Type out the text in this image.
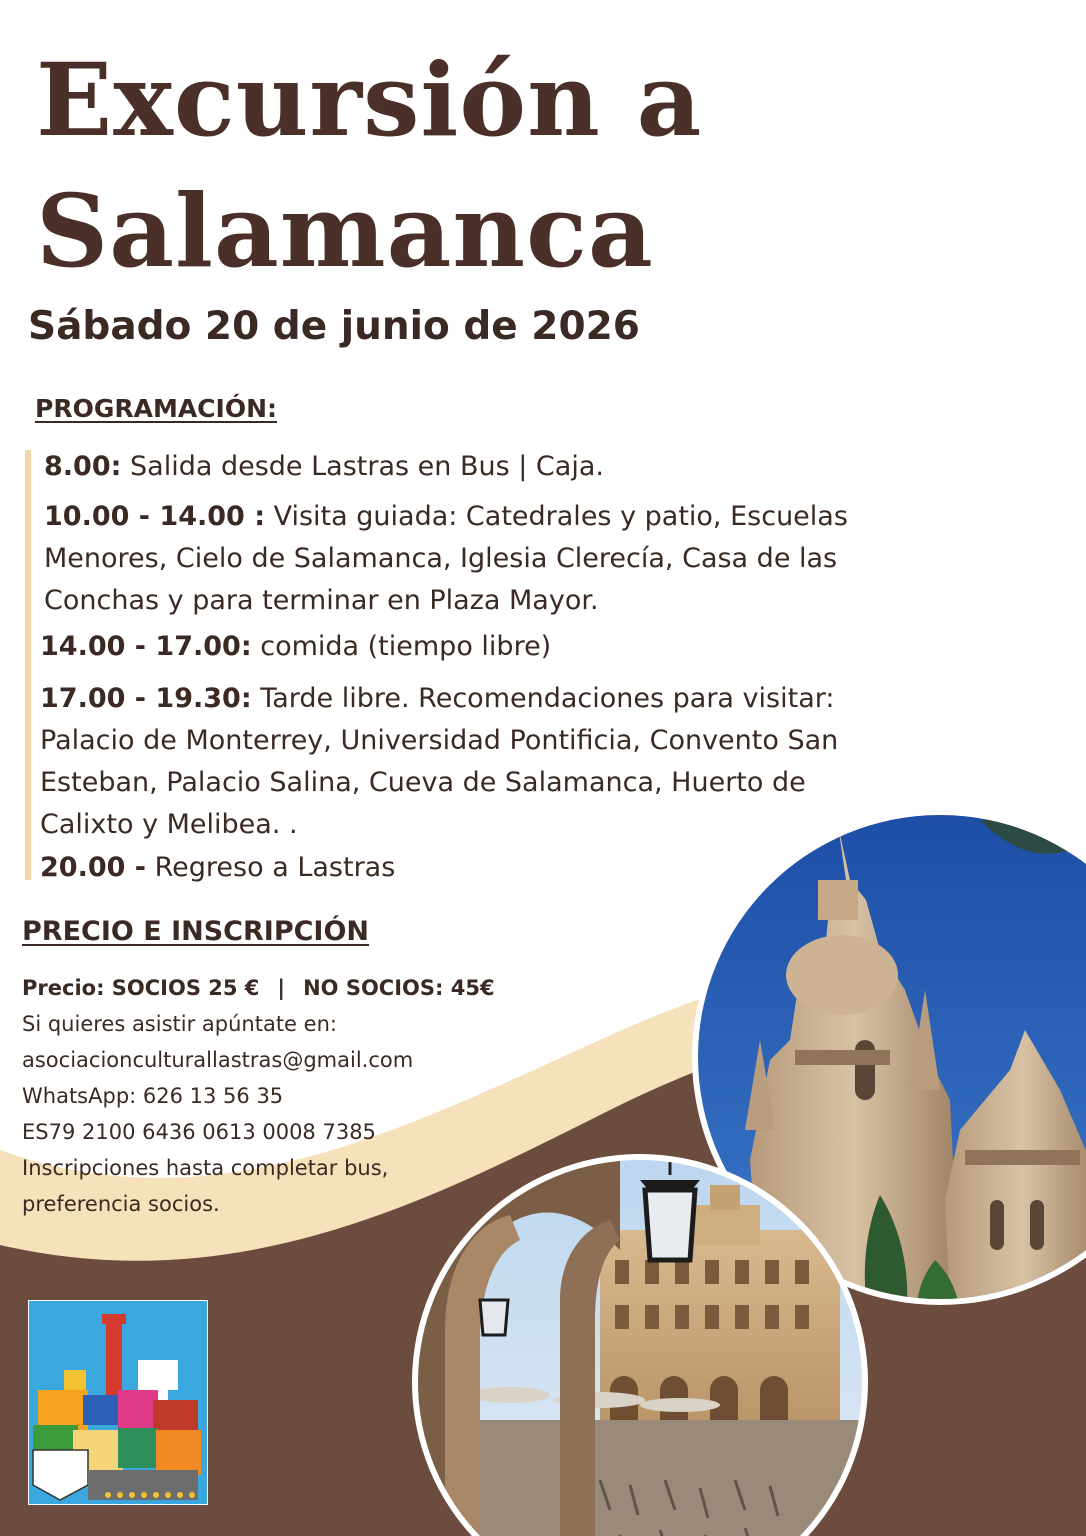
Excursión a
Salamanca
Sábado 20 de junio de 2026
PROGRAMACIÓN:

8.00: Salida desde Lastras en Bus | Caja.

10.00 - 14.00 : Visita guiada: Catedrales y patio, Escuelas
Menores, Cielo de Salamanca, Iglesia Clerecía, Casa de las
Conchas y para terminar en Plaza Mayor.

14.00 - 17.00: comida (tiempo libre)

17.00 - 19.30: Tarde libre. Recomendaciones para visitar:
Palacio de Monterrey, Universidad Pontificia, Convento San
Esteban, Palacio Salina, Cueva de Salamanca, Huerto de
Calixto y Melibea. .

20.00 - Regreso a Lastras

PRECIO E INSCRIPCIÓN

Precio: SOCIOS 25 € | NO SOCIOS: 45€

Si quieres asistir apúntate en:

asociacionculturallastras@gmail.com

WhatsApp: 626 13 56 35

ES79 2100 6436 0613 0008 7385

Inscripciones hasta completar bus,

preferencia socios.
